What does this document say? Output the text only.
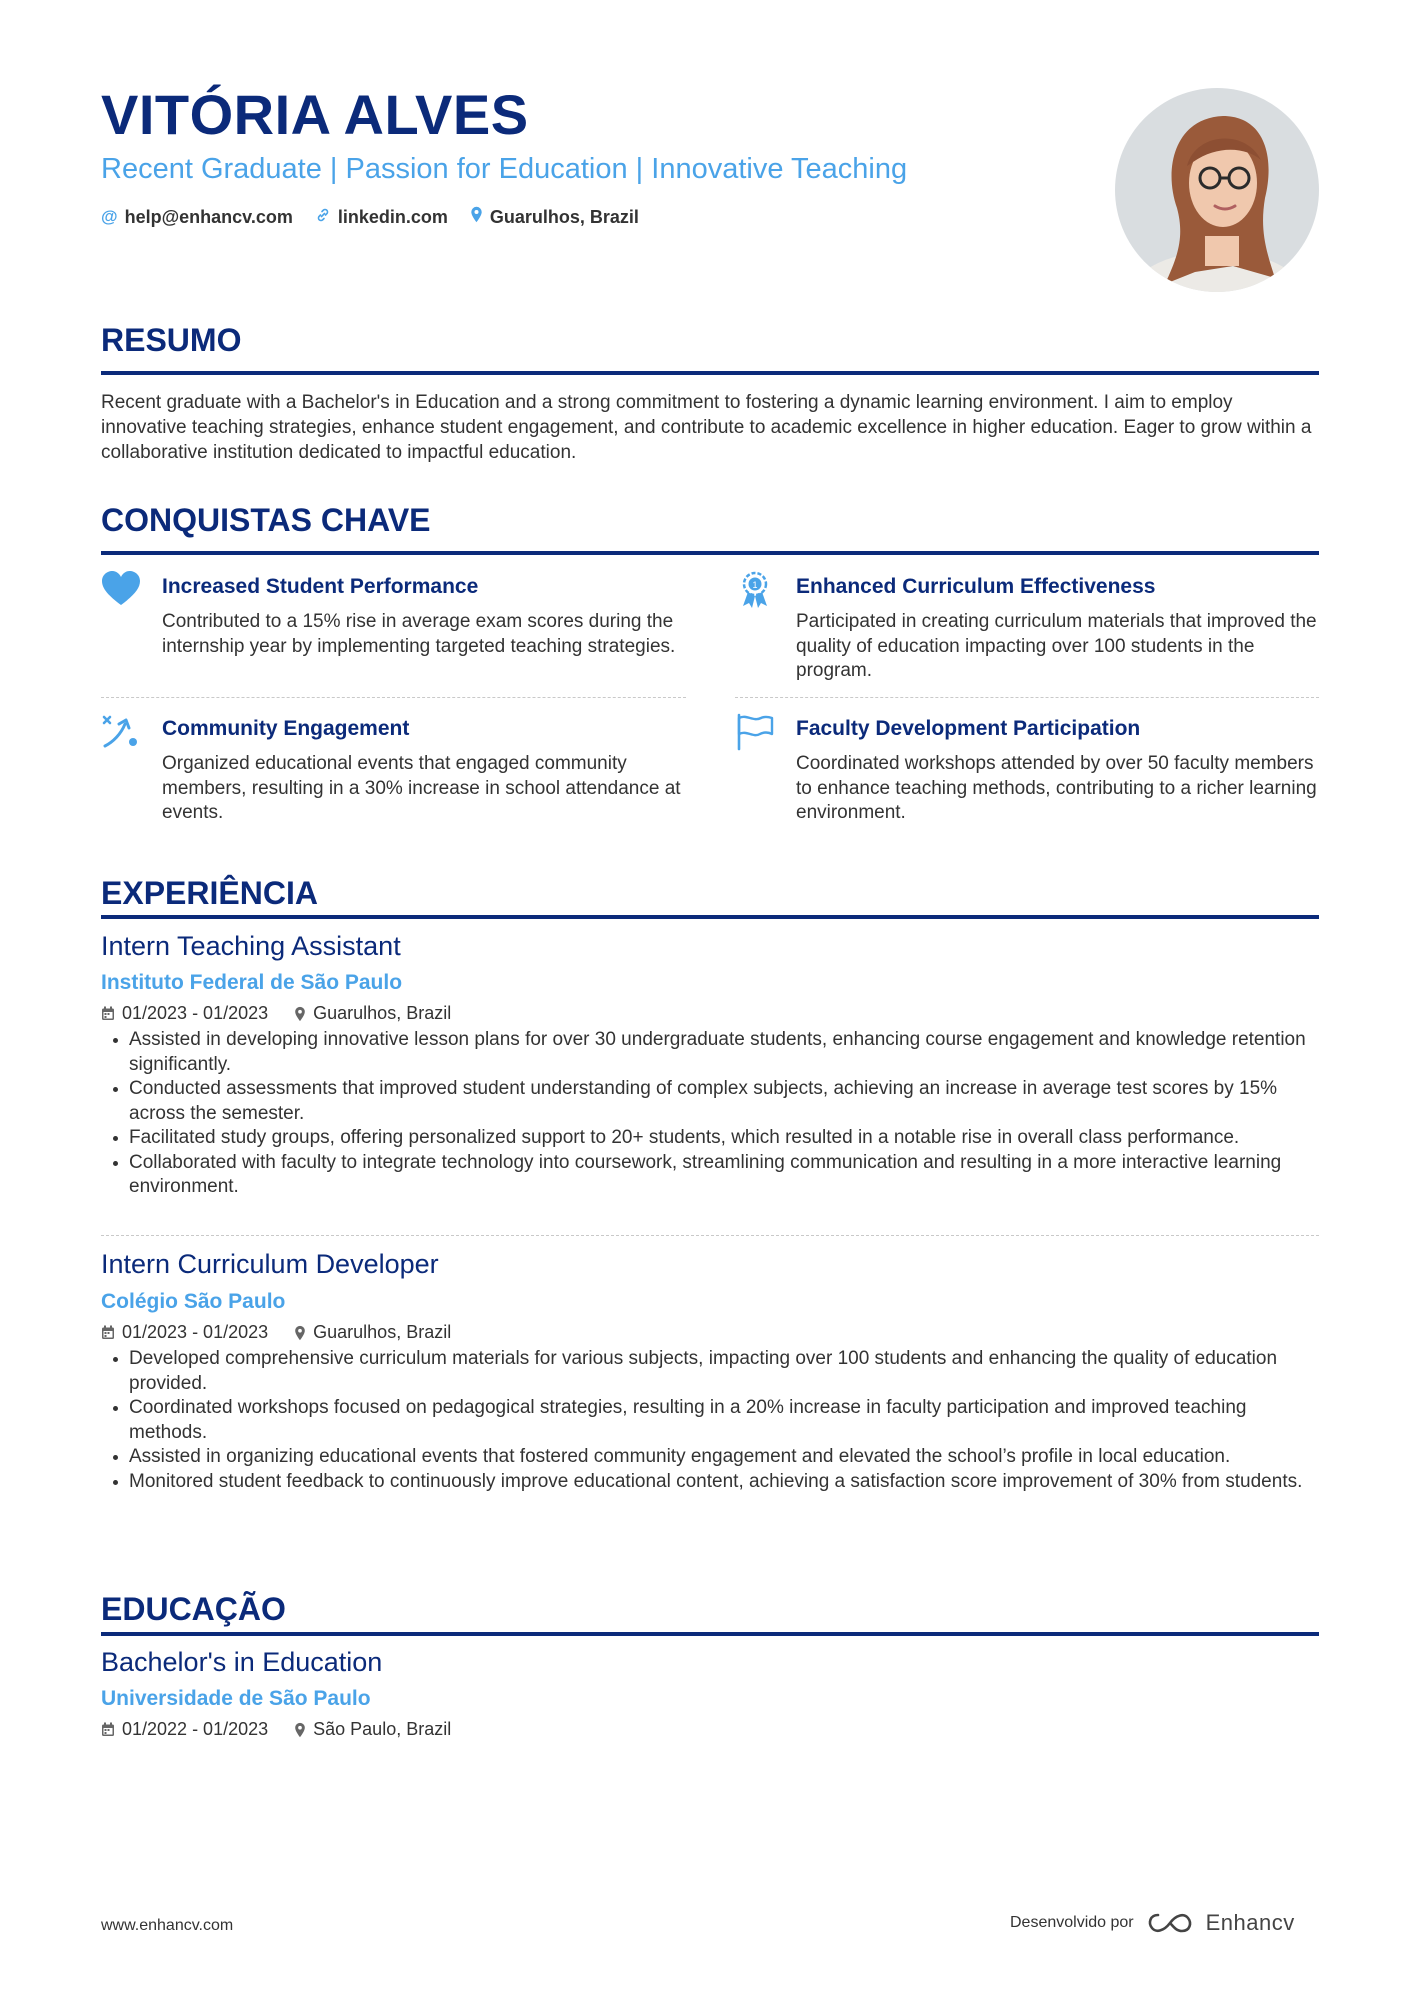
VITÓRIA ALVES
Recent Graduate | Passion for Education | Innovative Teaching
@ help@enhancv.com	linkedin.com Guarulhos, Brazil
RESUMO
Recent graduate with a Bachelor's in Education and a strong commitment to fostering a dynamic learning environment. I aim to employ innovative teaching strategies, enhance student engagement, and contribute to academic excellence in higher education. Eager to grow within a collaborative institution dedicated to impactful education.
CONQUISTAS CHAVE
Increased Student Performance
Contributed to a 15% rise in average exam scores during the internship year by implementing targeted teaching strategies.
1 Enhanced Curriculum Effectiveness
Participated in creating curriculum materials that improved the quality of education impacting over 100 students in the program.
Community Engagement
Organized educational events that engaged community members, resulting in a 30% increase in school attendance at events.
Faculty Development Participation
Coordinated workshops attended by over 50 faculty members to enhance teaching methods, contributing to a richer learning environment.
EXPERIÊNCIA
Intern Teaching Assistant
Instituto Federal de São Paulo
01/2023 - 01/2023	Guarulhos, Brazil
Assisted in developing innovative lesson plans for over 30 undergraduate students, enhancing course engagement and knowledge retention significantly.
Conducted assessments that improved student understanding of complex subjects, achieving an increase in average test scores by 15% across the semester.
Facilitated study groups, offering personalized support to 20+ students, which resulted in a notable rise in overall class performance.
Collaborated with faculty to integrate technology into coursework, streamlining communication and resulting in a more interactive learning environment.
Intern Curriculum Developer
Colégio São Paulo
01/2023 - 01/2023	Guarulhos, Brazil
Developed comprehensive curriculum materials for various subjects, impacting over 100 students and enhancing the quality of education provided.
Coordinated workshops focused on pedagogical strategies, resulting in a 20% increase in faculty participation and improved teaching methods.
Assisted in organizing educational events that fostered community engagement and elevated the school’s profile in local education.
Monitored student feedback to continuously improve educational content, achieving a satisfaction score improvement of 30% from students.
EDUCAÇÃO
Bachelor's in Education
Universidade de São Paulo
01/2022 - 01/2023	São Paulo, Brazil
www.enhancv.com	Desenvolvido por	Enhancv
